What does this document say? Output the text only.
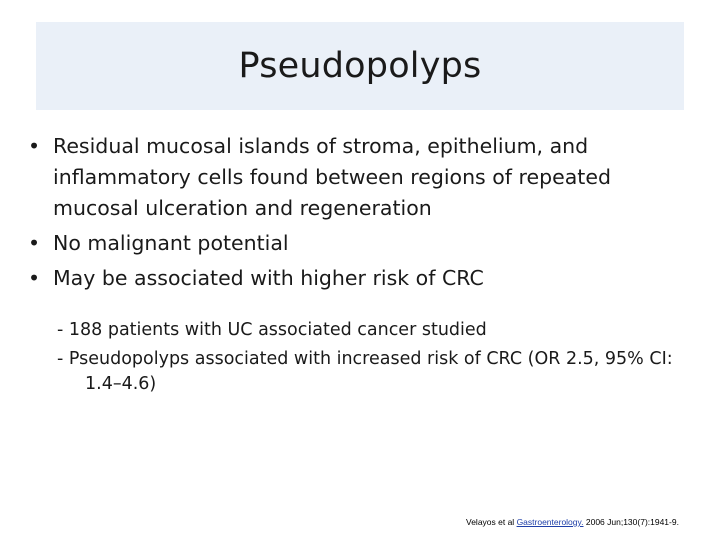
Pseudopolyps
• Residual mucosal islands of stroma, epithelium, and inflammatory cells found between regions of repeated mucosal ulceration and regeneration
• No malignant potential
• May be associated with higher risk of CRC
- 188 patients with UC associated cancer studied
- Pseudopolyps associated with increased risk of CRC (OR 2.5, 95% CI: 1.4–4.6)
Velayos et al Gastroenterology. 2006 Jun;130(7):1941-9.
